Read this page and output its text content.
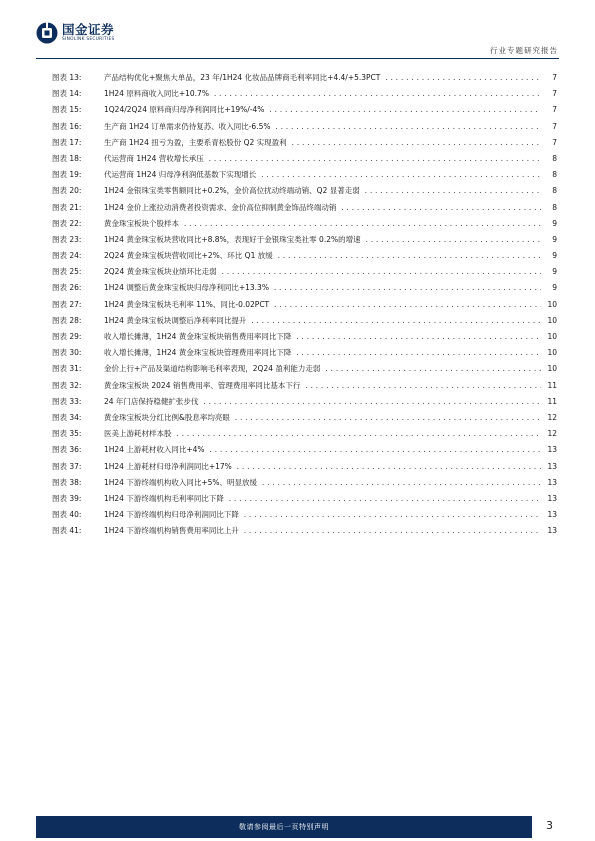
国金证券
SINOLINK SECURITIES
行业专题研究报告
图表 13:	产品结构优化+聚焦大单品，23 年/1H24 化妆品品牌商毛利率同比+4.4/+5.3PCT .....	7
图表 14:	1H24 原料商收入同比+10.7% .....	7
图表 15:	1Q24/2Q24 原料商归母净利润同比+19%/-4% .....	7
图表 16:	生产商 1H24 订单需求仍待复苏、收入同比-6.5% .....	7
图表 17:	生产商 1H24 扭亏为盈，主要系青松股份 Q2 实现盈利 .....	7
图表 18:	代运营商 1H24 营收增长承压 .....	8
图表 19:	代运营商 1H24 归母净利润低基数下实现增长 .....	8
图表 20:	1H24 金银珠宝类零售额同比+0.2%，金价高位扰动终端动销、Q2 显著走弱 .....	8
图表 21:	1H24 金价上涨拉动消费者投资需求、金价高位抑制黄金饰品终端动销 .....	8
图表 22:	黄金珠宝板块个股样本 .....	9
图表 23:	1H24 黄金珠宝板块营收同比+8.8%，表现好于金银珠宝类社零 0.2%的增速 .....	9
图表 24:	2Q24 黄金珠宝板块营收同比+2%、环比 Q1 放缓 .....	9
图表 25:	2Q24 黄金珠宝板块业绩环比走弱 .....	9
图表 26:	1H24 调整后黄金珠宝板块归母净利同比+13.3% .....	9
图表 27:	1H24 黄金珠宝板块毛利率 11%、同比-0.02PCT .....	10
图表 28:	1H24 黄金珠宝板块调整后净利率同比提升 .....	10
图表 29:	收入增长摊薄，1H24 黄金珠宝板块销售费用率同比下降 .....	10
图表 30:	收入增长摊薄，1H24 黄金珠宝板块管理费用率同比下降 .....	10
图表 31:	金价上行+产品及渠道结构影响毛利率表现，2Q24 盈利能力走弱 .....	10
图表 32:	黄金珠宝板块 2024 销售费用率、管理费用率同比基本下行 .....	11
图表 33:	24 年门店保持稳健扩张步伐 .....	11
图表 34:	黄金珠宝板块分红比例&股息率均亮眼 .....	12
图表 35:	医美上游耗材样本股 .....	12
图表 36:	1H24 上游耗材收入同比+4% .....	13
图表 37:	1H24 上游耗材归母净利润同比+17% .....	13
图表 38:	1H24 下游终端机构收入同比+5%、明显放缓 .....	13
图表 39:	1H24 下游终端机构毛利率同比下降 .....	13
图表 40:	1H24 下游终端机构归母净利润同比下降 .....	13
图表 41:	1H24 下游终端机构销售费用率同比上升 .....	13
敬请参阅最后一页特别声明	3
